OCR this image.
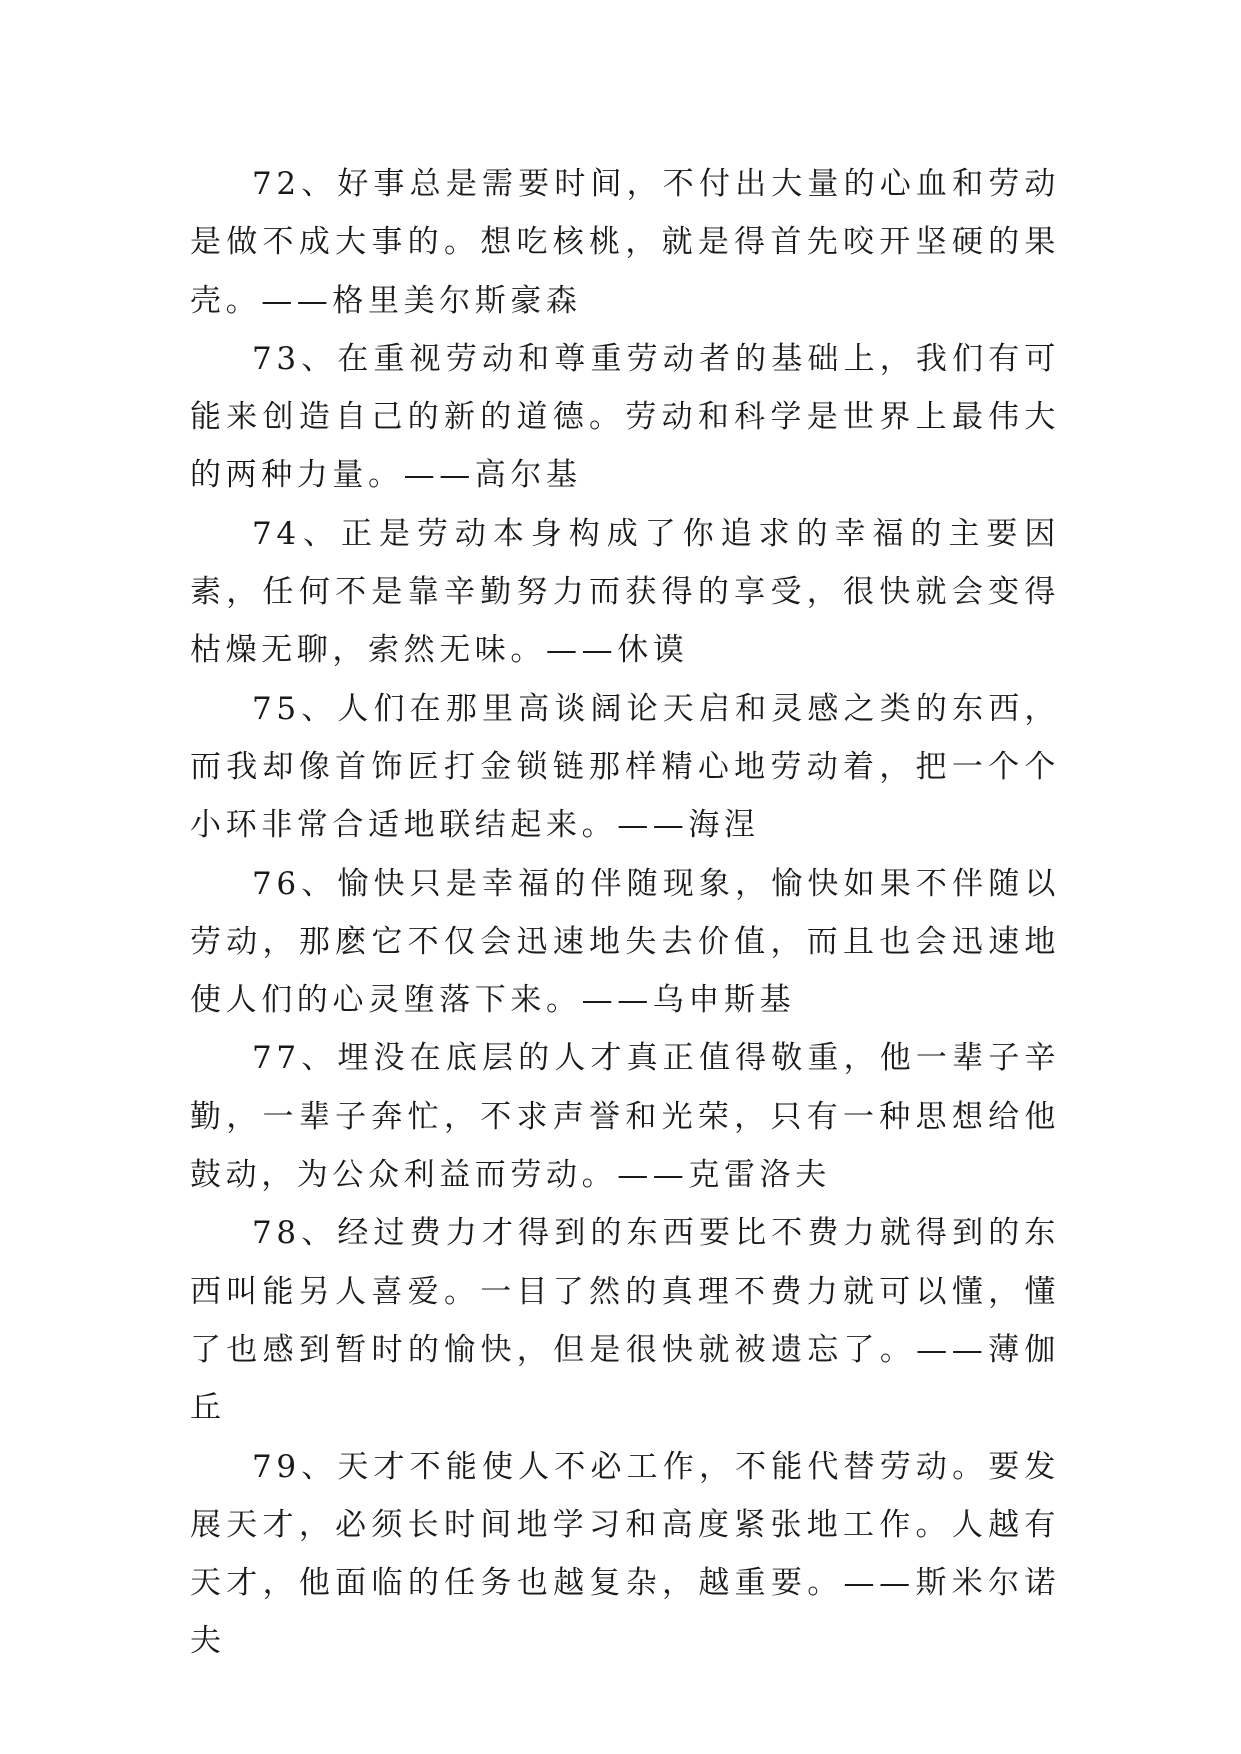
72、好事总是需要时间，不付出大量的心血和劳动是做不成大事的。想吃核桃，就是得首先咬开坚硬的果壳。——格里美尔斯豪森

73、在重视劳动和尊重劳动者的基础上，我们有可能来创造自己的新的道德。劳动和科学是世界上最伟大的两种力量。——高尔基

74、正是劳动本身构成了你追求的幸福的主要因素，任何不是靠辛勤努力而获得的享受，很快就会变得枯燥无聊，索然无味。——休谟

75、人们在那里高谈阔论天启和灵感之类的东西，而我却像首饰匠打金锁链那样精心地劳动着，把一个个小环非常合适地联结起来。——海涅

76、愉快只是幸福的伴随现象，愉快如果不伴随以劳动，那麽它不仅会迅速地失去价值，而且也会迅速地使人们的心灵堕落下来。——乌申斯基

77、埋没在底层的人才真正值得敬重，他一辈子辛勤，一辈子奔忙，不求声誉和光荣，只有一种思想给他鼓动，为公众利益而劳动。——克雷洛夫

78、经过费力才得到的东西要比不费力就得到的东西叫能另人喜爱。一目了然的真理不费力就可以懂，懂了也感到暂时的愉快，但是很快就被遗忘了。——薄伽丘

79、天才不能使人不必工作，不能代替劳动。要发展天才，必须长时间地学习和高度紧张地工作。人越有天才，他面临的任务也越复杂，越重要。——斯米尔诺夫
